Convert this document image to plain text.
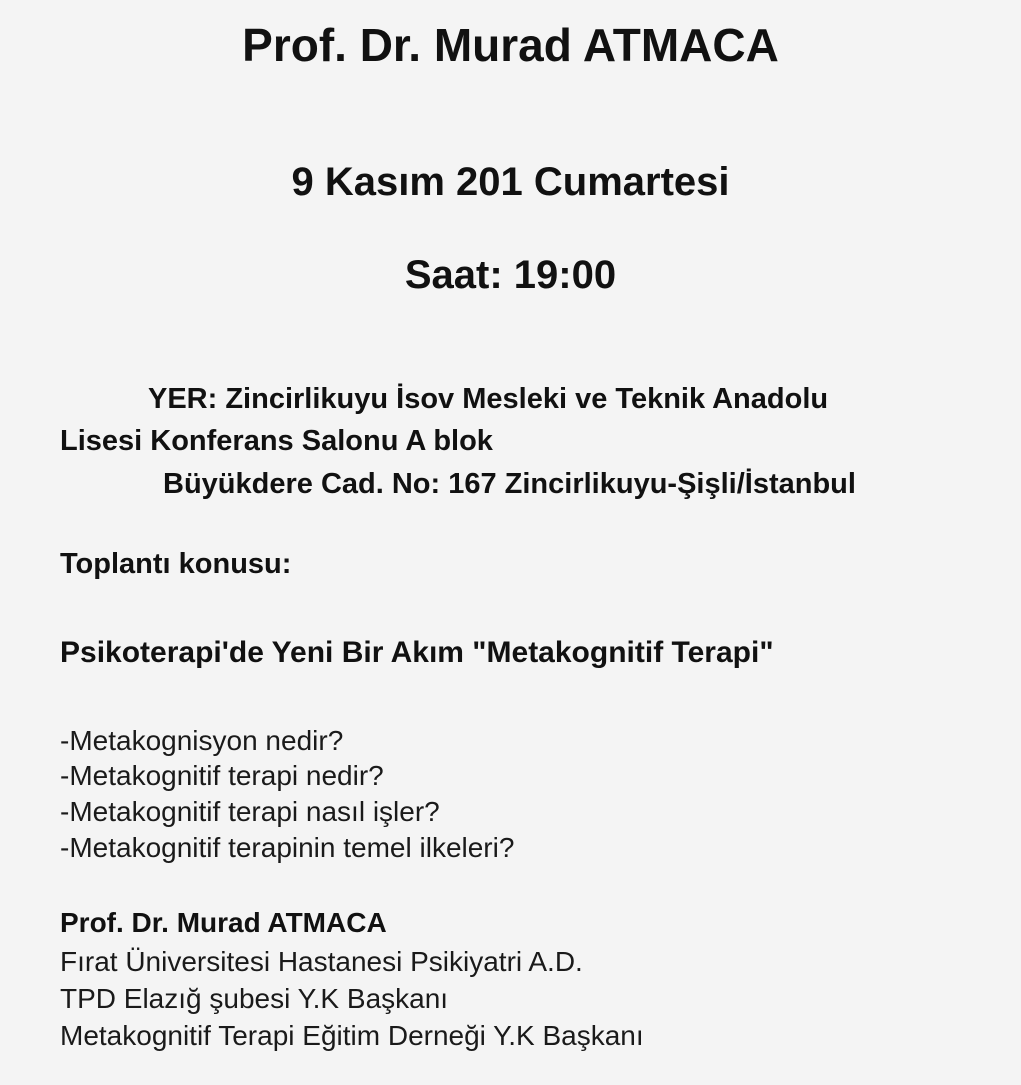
Prof. Dr. Murad ATMACA
9 Kasım 201 Cumartesi
Saat: 19:00

YER: Zincirlikuyu İsov Mesleki ve Teknik Anadolu

Lisesi Konferans Salonu A blok

Büyükdere Cad. No: 167 Zincirlikuyu-Şişli/İstanbul

Toplantı konusu:

Psikoterapi'de Yeni Bir Akım "Metakognitif Terapi"

-Metakognisyon nedir?

-Metakognitif terapi nedir?

-Metakognitif terapi nasıl işler?

-Metakognitif terapinin temel ilkeleri?

Prof. Dr. Murad ATMACA

Fırat Üniversitesi Hastanesi Psikiyatri A.D.

TPD Elazığ şubesi Y.K Başkanı

Metakognitif Terapi Eğitim Derneği Y.K Başkanı
